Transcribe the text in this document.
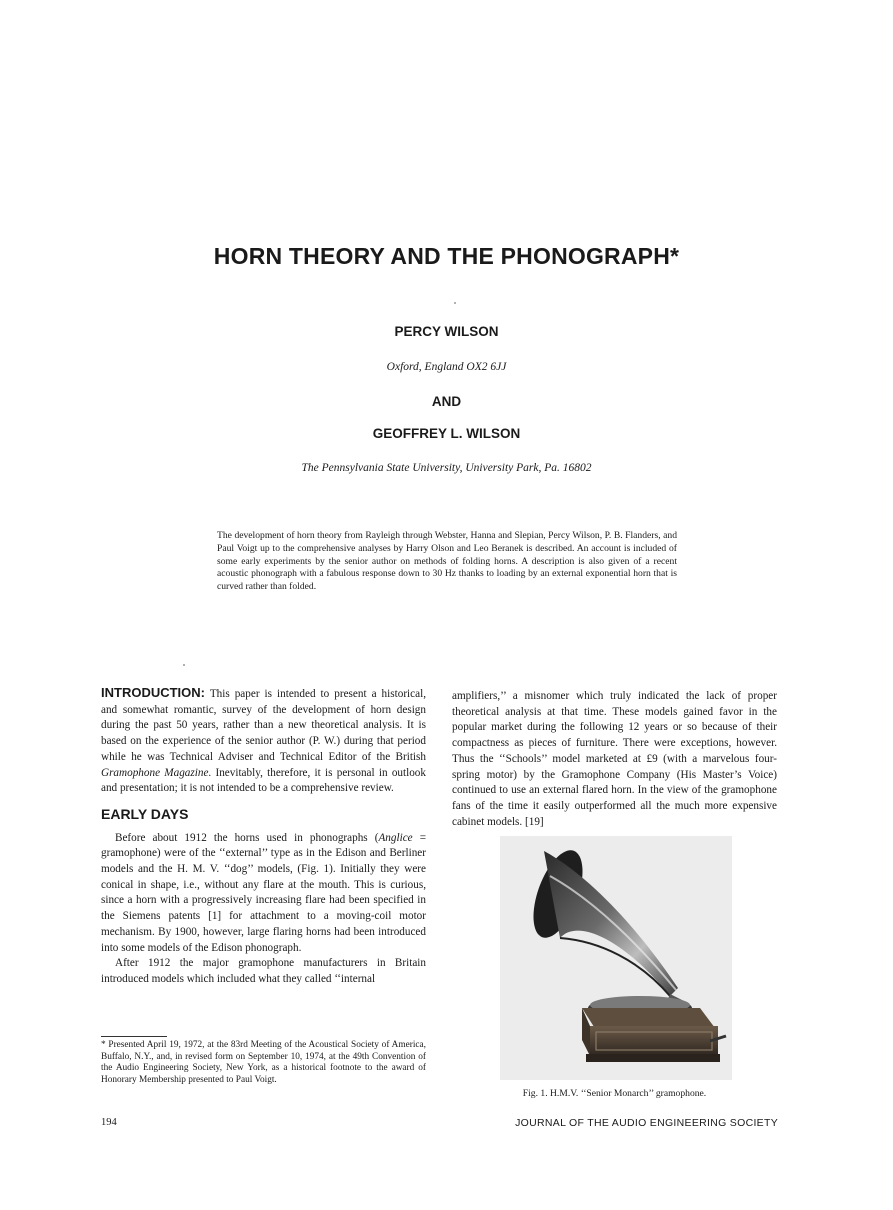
HORN THEORY AND THE PHONOGRAPH*
PERCY WILSON
Oxford, England OX2 6JJ
AND
GEOFFREY L. WILSON
The Pennsylvania State University, University Park, Pa. 16802
The development of horn theory from Rayleigh through Webster, Hanna and Slepian, Percy Wilson, P. B. Flanders, and Paul Voigt up to the comprehensive analyses by Harry Olson and Leo Beranek is described. An account is included of some early experiments by the senior author on methods of folding horns. A description is also given of a recent acoustic phonograph with a fabulous response down to 30 Hz thanks to loading by an external exponential horn that is curved rather than folded.

INTRODUCTION: This paper is intended to present a historical, and somewhat romantic, survey of the development of horn design during the past 50 years, rather than a new theoretical analysis. It is based on the experience of the senior author (P. W.) during that period while he was Technical Adviser and Technical Editor of the British Gramophone Magazine. Inevitably, therefore, it is personal in outlook and presentation; it is not intended to be a comprehensive review.

EARLY DAYS

Before about 1912 the horns used in phonographs (Anglice = gramophone) were of the ‘‘external’’ type as in the Edison and Berliner models and the H. M. V. ‘‘dog’’ models, (Fig. 1). Initially they were conical in shape, i.e., without any flare at the mouth. This is curious, since a horn with a progressively increasing flare had been specified in the Siemens patents [1] for attachment to a moving-coil motor mechanism. By 1900, however, large flaring horns had been introduced into some models of the Edison phonograph.

After 1912 the major gramophone manufacturers in Britain introduced models which included what they called ‘‘internal

* Presented April 19, 1972, at the 83rd Meeting of the Acoustical Society of America, Buffalo, N.Y., and, in revised form on September 10, 1974, at the 49th Convention of the Audio Engineering Society, New York, as a historical footnote to the award of Honorary Membership presented to Paul Voigt.

amplifiers,’’ a misnomer which truly indicated the lack of proper theoretical analysis at that time. These models gained favor in the popular market during the following 12 years or so because of their compactness as pieces of furniture. There were exceptions, however. Thus the ‘‘Schools’’ model marketed at £9 (with a marvelous four-spring motor) by the Gramophone Company (His Master’s Voice) continued to use an external flared horn. In the view of the gramophone fans of the time it easily outperformed all the much more expensive cabinet models. [19]

Fig. 1. H.M.V. ‘‘Senior Monarch’’ gramophone.
194	JOURNAL OF THE AUDIO ENGINEERING SOCIETY
